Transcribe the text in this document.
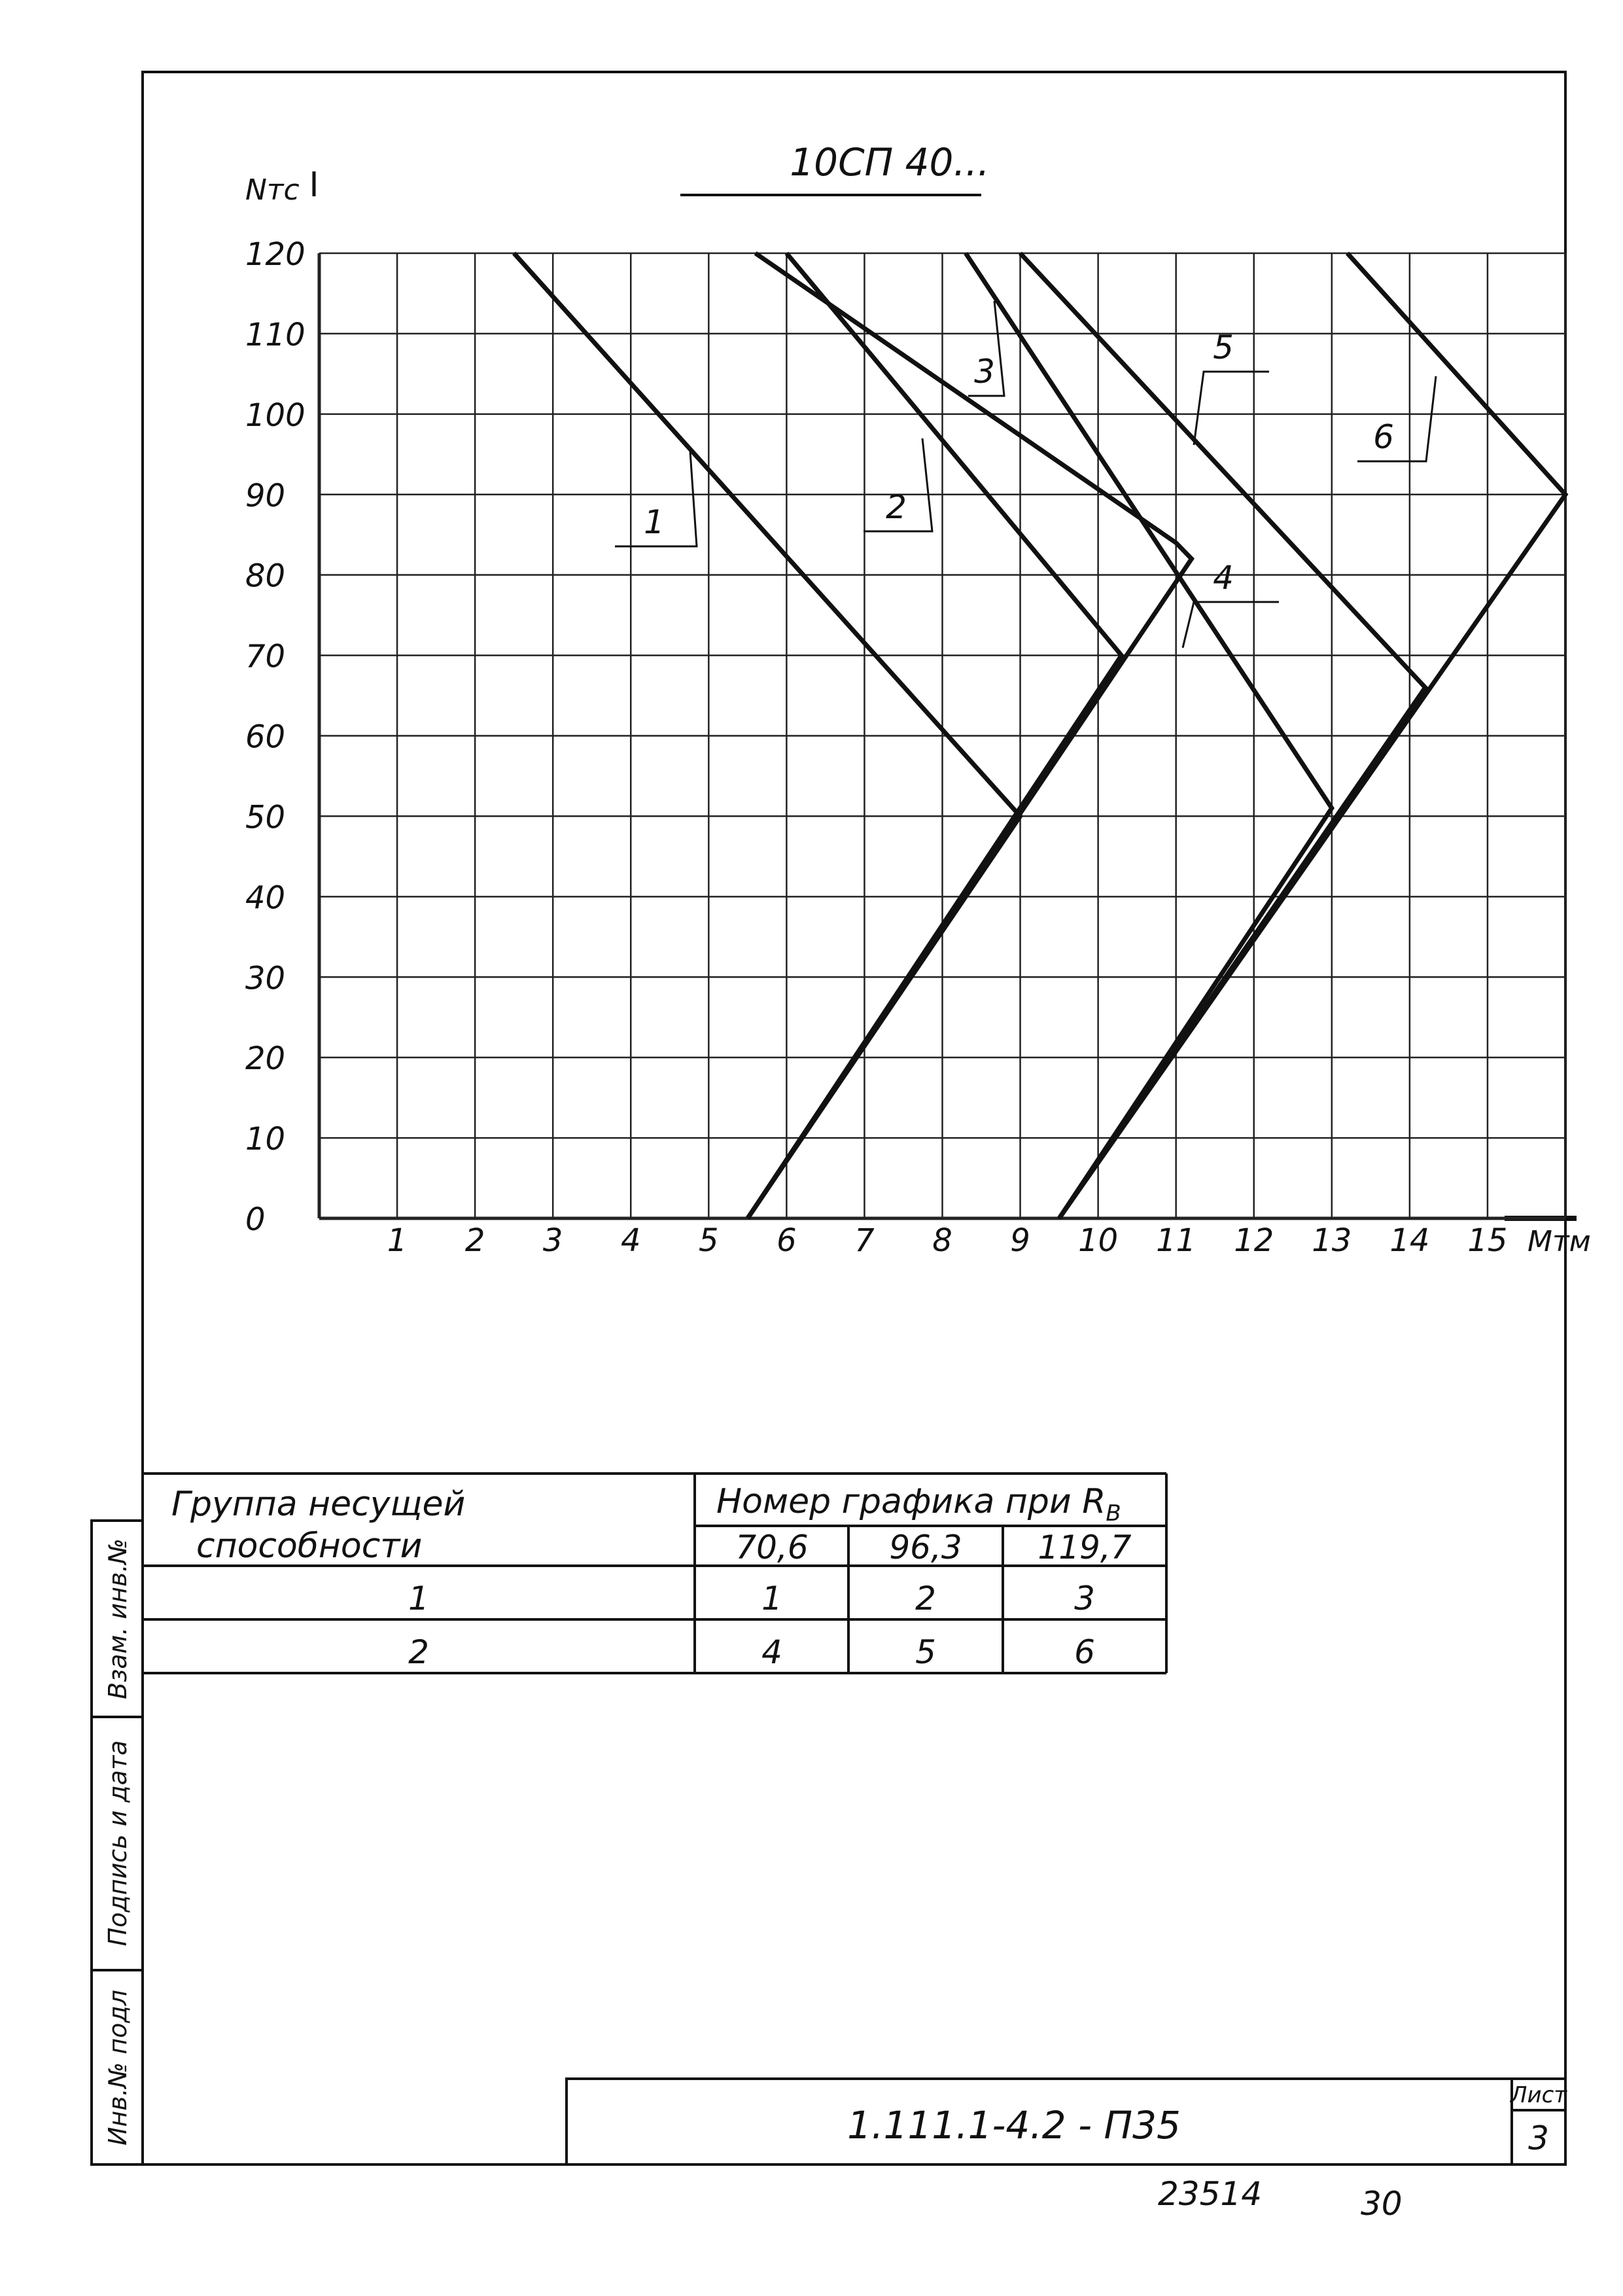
10СП 40...
Nтс
Мтм
0
10
20
30
40
50
60
70
80
90
100
110
120
1 2 3 4 5 6 7 8 9 10 11 12 13 14 15
1	2
3
4
5
6
Группа несущей
способности
Номер графика при $R_В$
70,6 96,3 119,7
1	1	2	3
2	4	5	6
Взам. инв.№
Подпись и дата
Инв.№ подл	1.111.1-4.2 - П35
Лист
3
23514	30
